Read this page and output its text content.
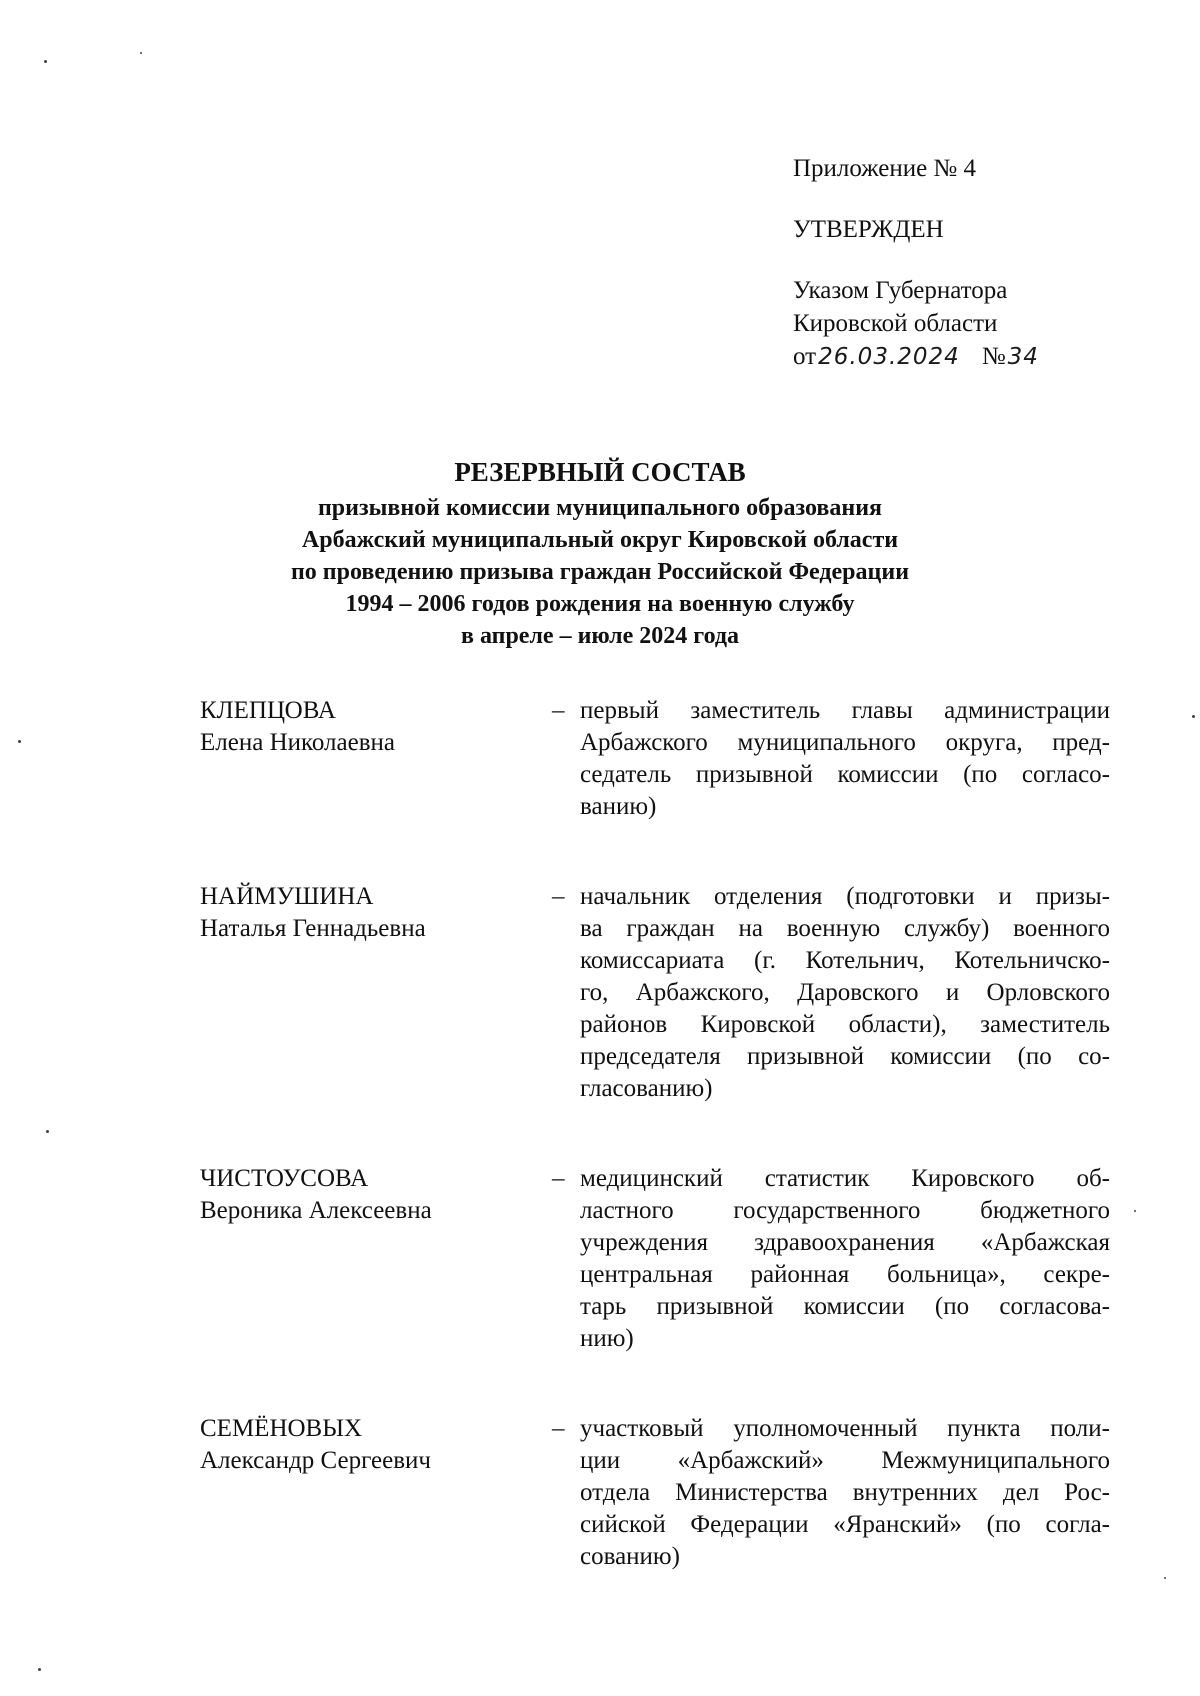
Приложение № 4
УТВЕРЖДЕН
Указом Губернатора
Кировской области
от 26.03.2024 № 34
РЕЗЕРВНЫЙ СОСТАВ
призывной комиссии муниципального образования
Арбажский муниципальный округ Кировской области
по проведению призыва граждан Российской Федерации
1994 – 2006 годов рождения на военную службу
в апреле – июле 2024 года
КЛЕПЦОВА
Елена Николаевна
– первый заместитель главы администрации
Арбажского муниципального округа, пред-
седатель призывной комиссии (по согласо-
ванию)
НАЙМУШИНА
Наталья Геннадьевна
– начальник отделения (подготовки и призы-
ва граждан на военную службу) военного
комиссариата (г. Котельнич, Котельничско-
го, Арбажского, Даровского и Орловского
районов Кировской области), заместитель
председателя призывной комиссии (по со-
гласованию)
ЧИСТОУСОВА
Вероника Алексеевна
– медицинский статистик Кировского об-
ластного государственного бюджетного
учреждения здравоохранения «Арбажская
центральная районная больница», секре-
тарь призывной комиссии (по согласова-
нию)
СЕМЁНОВЫХ
Александр Сергеевич
– участковый уполномоченный пункта поли-
ции «Арбажский» Межмуниципального
отдела Министерства внутренних дел Рос-
сийской Федерации «Яранский» (по согла-
сованию)
